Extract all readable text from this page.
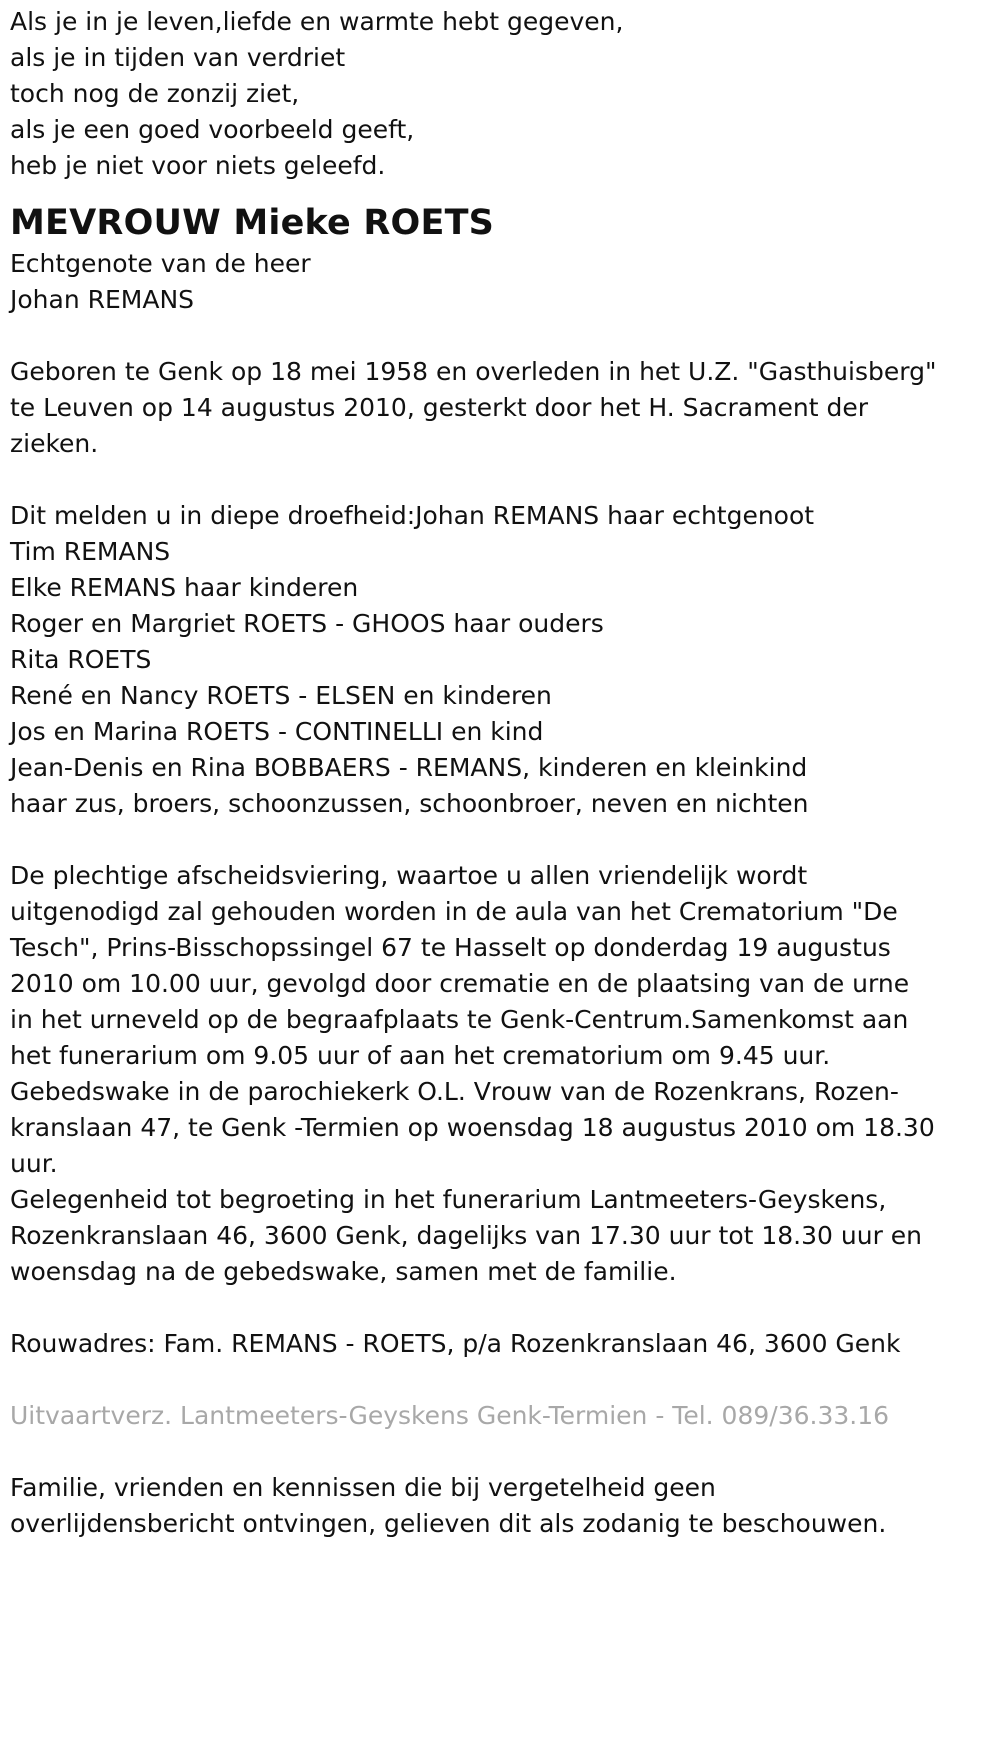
Als je in je leven,liefde en warmte hebt gegeven,

als je in tijden van verdriet

toch nog de zonzij ziet,

als je een goed voorbeeld geeft,

heb je niet voor niets geleefd.

MEVROUW Mieke ROETS

Echtgenote van de heer

Johan REMANS

Geboren te Genk op 18 mei 1958 en overleden in het U.Z. "Gasthuisberg"

te Leuven op 14 augustus 2010, gesterkt door het H. Sacrament der

zieken.

Dit melden u in diepe droefheid:Johan REMANS haar echtgenoot

Tim REMANS

Elke REMANS haar kinderen

Roger en Margriet ROETS - GHOOS haar ouders

Rita ROETS

René en Nancy ROETS - ELSEN en kinderen

Jos en Marina ROETS - CONTINELLI en kind

Jean-Denis en Rina BOBBAERS - REMANS, kinderen en kleinkind

haar zus, broers, schoonzussen, schoonbroer, neven en nichten

De plechtige afscheidsviering, waartoe u allen vriendelijk wordt

uitgenodigd zal gehouden worden in de aula van het Crematorium "De

Tesch", Prins-Bisschopssingel 67 te Hasselt op donderdag 19 augustus

2010 om 10.00 uur, gevolgd door crematie en de plaatsing van de urne

in het urneveld op de begraafplaats te Genk-Centrum.Samenkomst aan

het funerarium om 9.05 uur of aan het crematorium om 9.45 uur.

Gebedswake in de parochiekerk O.L. Vrouw van de Rozenkrans, Rozen-

kranslaan 47, te Genk -Termien op woensdag 18 augustus 2010 om 18.30

uur.

Gelegenheid tot begroeting in het funerarium Lantmeeters-Geyskens,

Rozenkranslaan 46, 3600 Genk, dagelijks van 17.30 uur tot 18.30 uur en

woensdag na de gebedswake, samen met de familie.

Rouwadres: Fam. REMANS - ROETS, p/a Rozenkranslaan 46, 3600 Genk

Uitvaartverz. Lantmeeters-Geyskens Genk-Termien - Tel. 089/36.33.16

Familie, vrienden en kennissen die bij vergetelheid geen

overlijdensbericht ontvingen, gelieven dit als zodanig te beschouwen.
